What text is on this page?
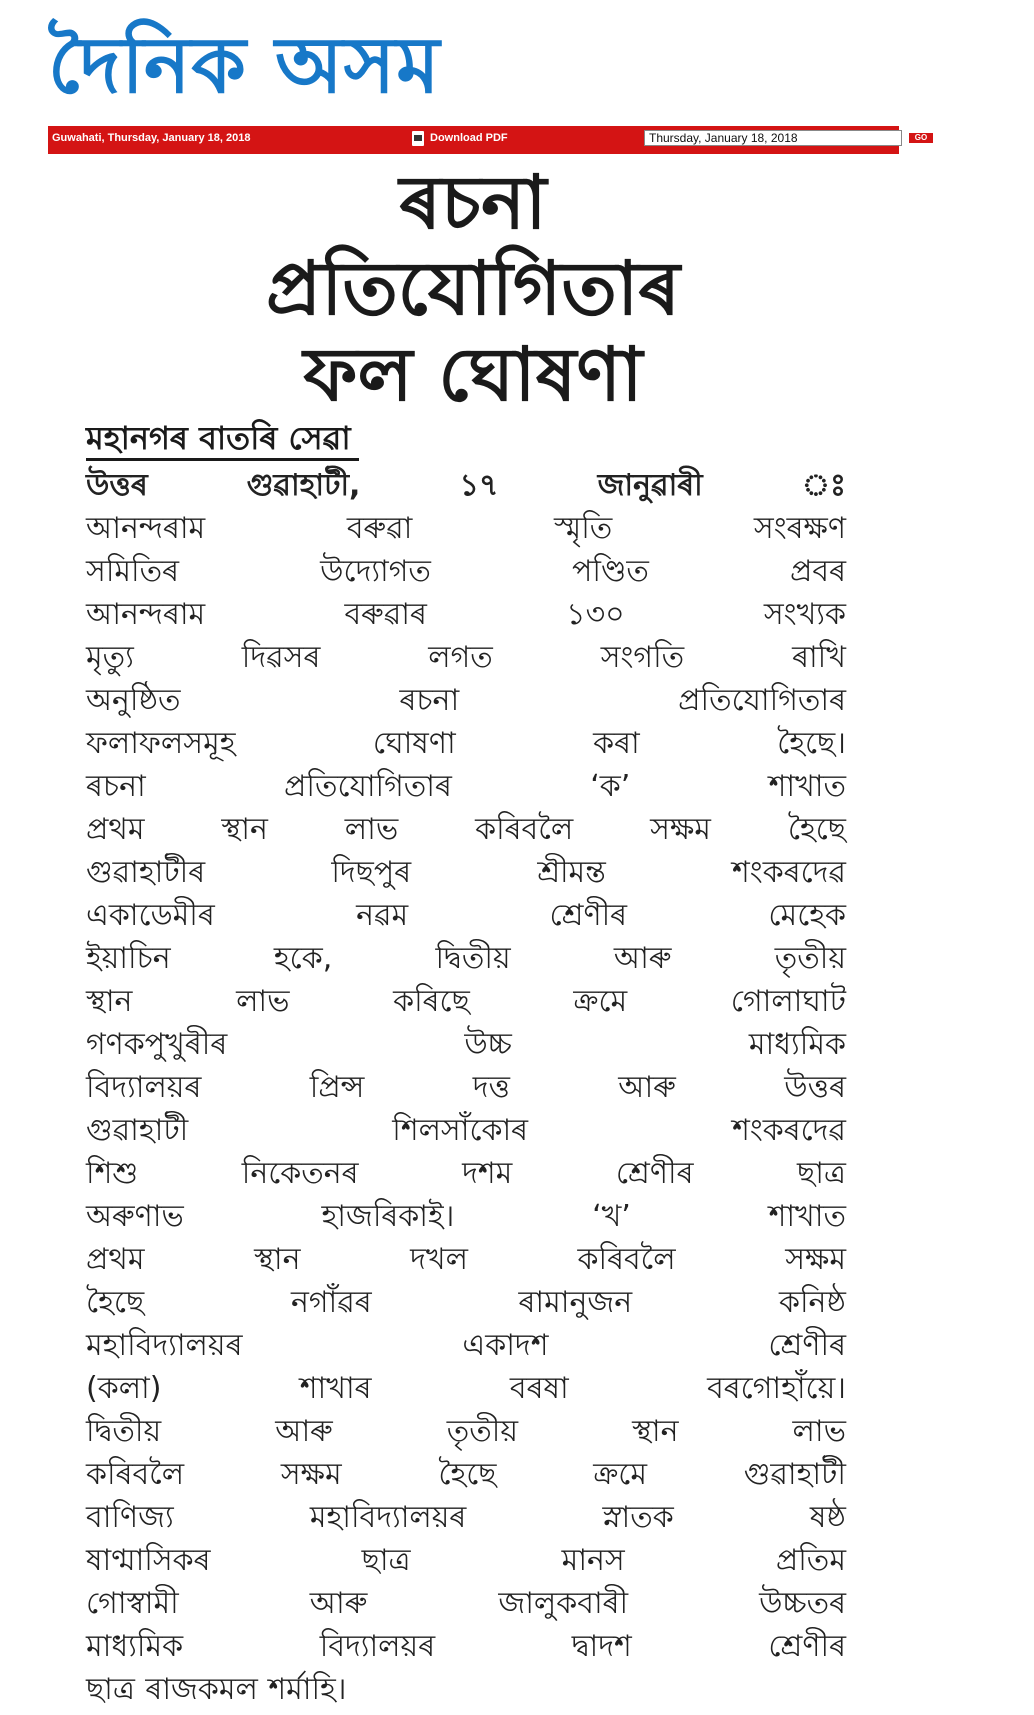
দৈনিক অসম
Guwahati, Thursday, January 18, 2018	Download PDF
Thursday, January 18, 2018	GO
ৰচনা
প্ৰতিযোগিতাৰ
ফল ঘোষণা
মহানগৰ বাতৰি সেৱা
উত্তৰ	গুৱাহাটী,	১৭	জানুৱাৰী	ঃ
আনন্দৰাম	বৰুৱা	স্মৃতি	সংৰক্ষণ
সমিতিৰ	উদ্যোগত	পণ্ডিত	প্ৰবৰ
আনন্দৰাম	বৰুৱাৰ	১৩০	সংখ্যক
মৃত্যু	দিৱসৰ	লগত	সংগতি	ৰাখি
অনুষ্ঠিত	ৰচনা	প্ৰতিযোগিতাৰ
ফলাফলসমূহ	ঘোষণা	কৰা	হৈছে।
ৰচনা	প্ৰতিযোগিতাৰ	‘ক’	শাখাত
প্ৰথম	স্থান	লাভ	কৰিবলৈ	সক্ষম	হৈছে
গুৱাহাটীৰ	দিছপুৰ	শ্ৰীমন্ত	শংকৰদেৱ
একাডেমীৰ	নৱম	শ্ৰেণীৰ	মেহেক
ইয়াচিন	হকে,	দ্বিতীয়	আৰু	তৃতীয়
স্থান	লাভ	কৰিছে	ক্ৰমে	গোলাঘাট
গণকপুখুৰীৰ	উচ্চ	মাধ্যমিক
বিদ্যালয়ৰ	প্ৰিন্স	দত্ত	আৰু	উত্তৰ
গুৱাহাটী	শিলসাঁকোৰ	শংকৰদেৱ
শিশু	নিকেতনৰ	দশম	শ্ৰেণীৰ	ছাত্ৰ
অৰুণাভ	হাজৰিকাই।	‘খ’	শাখাত
প্ৰথম	স্থান	দখল	কৰিবলৈ	সক্ষম
হৈছে	নগাঁৱৰ	ৰামানুজন	কনিষ্ঠ
মহাবিদ্যালয়ৰ	একাদশ	শ্ৰেণীৰ
(কলা)	শাখাৰ	বৰষা	বৰগোহাঁয়ে।
দ্বিতীয়	আৰু	তৃতীয়	স্থান	লাভ
কৰিবলৈ	সক্ষম	হৈছে	ক্ৰমে	গুৱাহাটী
বাণিজ্য	মহাবিদ্যালয়ৰ	স্নাতক	ষষ্ঠ
ষাণ্মাসিকৰ	ছাত্ৰ	মানস	প্ৰতিম
গোস্বামী	আৰু	জালুকবাৰী	উচ্চতৰ
মাধ্যমিক	বিদ্যালয়ৰ	দ্বাদশ	শ্ৰেণীৰ
ছাত্ৰ ৰাজকমল শৰ্মাহি।
